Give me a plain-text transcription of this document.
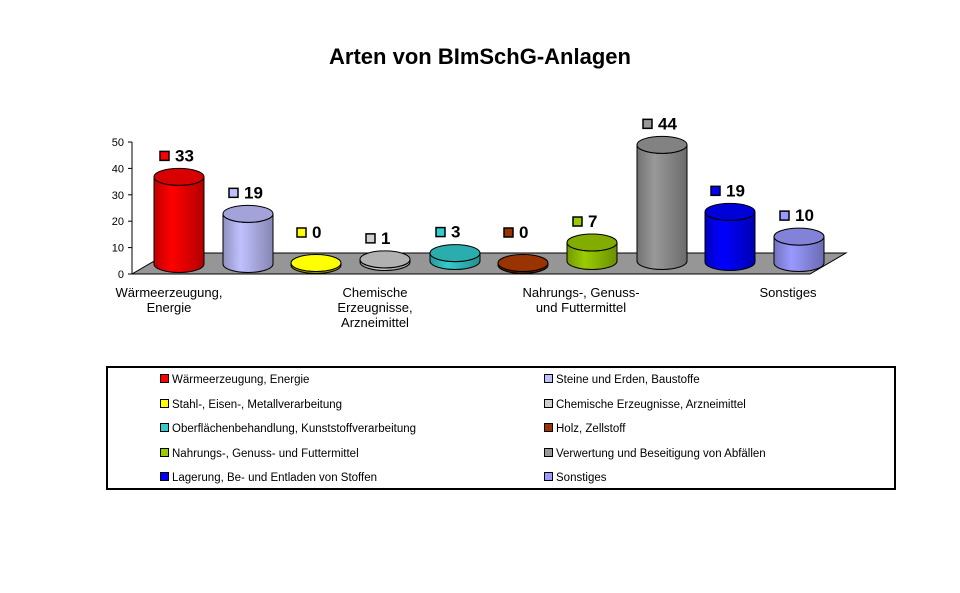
Arten von BImSchG-Anlagen
0
10
20
30
40
50
33
19
0	1	3	0
7
44
19
10
Wärmeerzeugung, Energie
Chemische Erzeugnisse, Arzneimittel
Nahrungs-, Genuss-und Futtermittel
Sonstiges
Wärmeerzeugung, Energie	Steine und Erden, Baustoffe
Stahl-, Eisen-, Metallverarbeitung	Chemische Erzeugnisse, Arzneimittel
Oberflächenbehandlung, Kunststoffverarbeitung	Holz, Zellstoff
Nahrungs-, Genuss- und Futtermittel	Verwertung und Beseitigung von Abfällen
Lagerung, Be- und Entladen von Stoffen	Sonstiges
